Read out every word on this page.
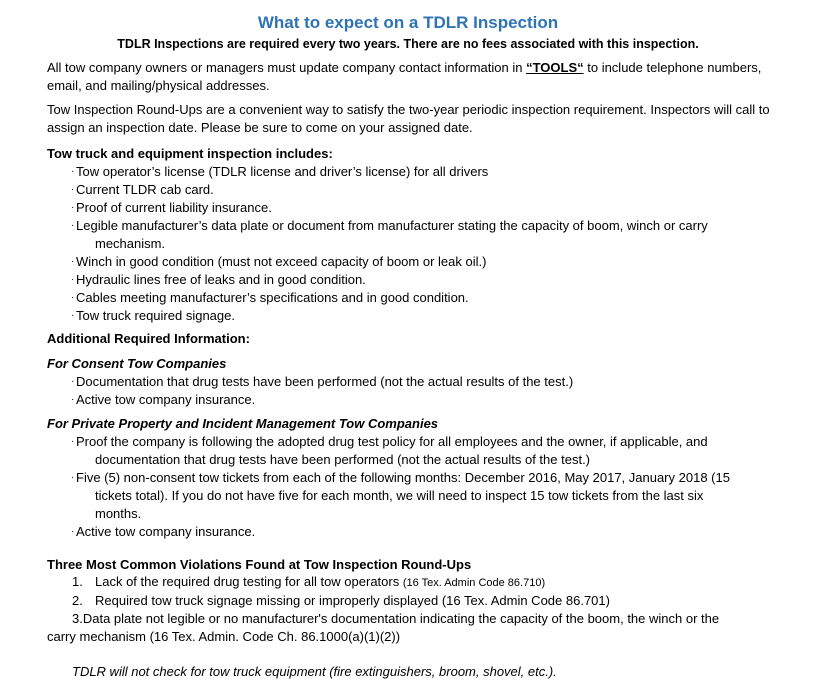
What to expect on a TDLR Inspection
TDLR Inspections are required every two years. There are no fees associated with this inspection.
All tow company owners or managers must update company contact information in “TOOLS“ to include telephone numbers, email, and mailing/physical addresses.
Tow Inspection Round-Ups are a convenient way to satisfy the two-year periodic inspection requirement. Inspectors will call to assign an inspection date. Please be sure to come on your assigned date.
Tow truck and equipment inspection includes:
· Tow operator’s license (TDLR license and driver’s license) for all drivers
· Current TLDR cab card.
· Proof of current liability insurance.
· Legible manufacturer’s data plate or document from manufacturer stating the capacity of boom, winch or carry
mechanism.
· Winch in good condition (must not exceed capacity of boom or leak oil.)
· Hydraulic lines free of leaks and in good condition.
· Cables meeting manufacturer’s specifications and in good condition.
· Tow truck required signage.
Additional Required Information:
For Consent Tow Companies
· Documentation that drug tests have been performed (not the actual results of the test.)
· Active tow company insurance.
For Private Property and Incident Management Tow Companies
· Proof the company is following the adopted drug test policy for all employees and the owner, if applicable, and
documentation that drug tests have been performed (not the actual results of the test.)
· Five (5) non-consent tow tickets from each of the following months: December 2016, May 2017, January 2018 (15
tickets total). If you do not have five for each month, we will need to inspect 15 tow tickets from the last six
months.
· Active tow company insurance.
Three Most Common Violations Found at Tow Inspection Round-Ups
1. Lack of the required drug testing for all tow operators (16 Tex. Admin Code 86.710)
2. Required tow truck signage missing or improperly displayed (16 Tex. Admin Code 86.701)
3.Data plate not legible or no manufacturer's documentation indicating the capacity of the boom, the winch or the
carry mechanism (16 Tex. Admin. Code Ch. 86.1000(a)(1)(2))
TDLR will not check for tow truck equipment (fire extinguishers, broom, shovel, etc.).
